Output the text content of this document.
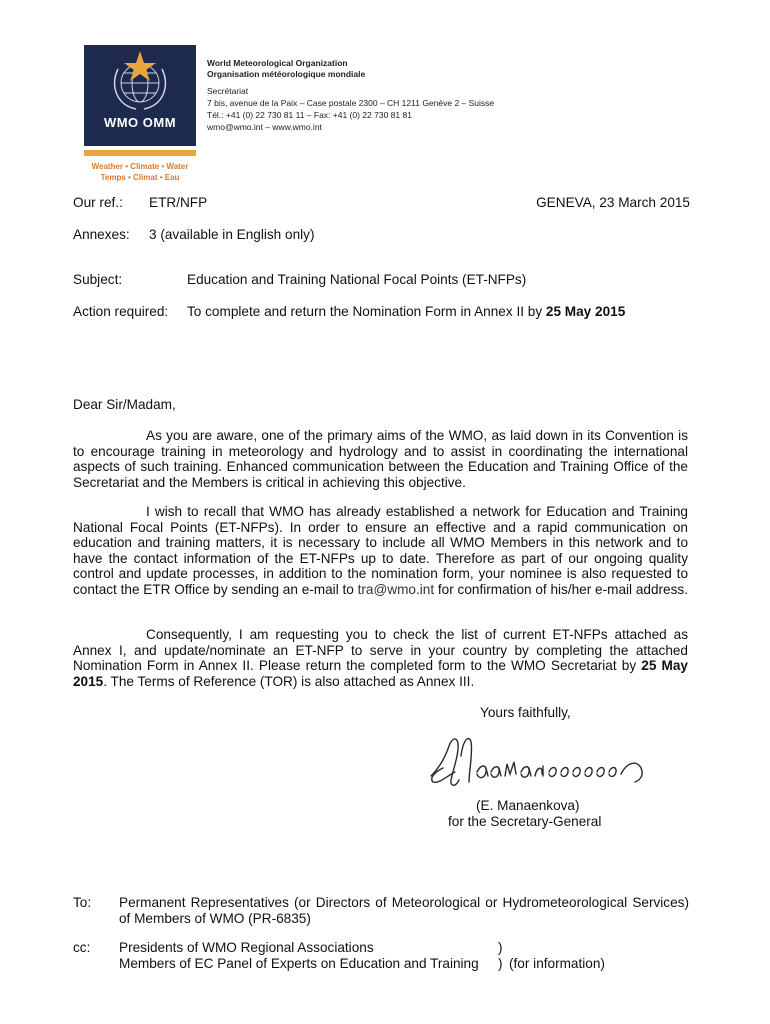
WMO OMM
Weather • Climate • Water
Temps • Climat • Eau
World Meteorological Organization
Organisation météorologique mondiale
Secrétariat
7 bis, avenue de la Paix – Case postale 2300 – CH 1211 Genève 2 – Suisse
Tél.: +41 (0) 22 730 81 11 – Fax: +41 (0) 22 730 81 81
wmo@wmo.int – www.wmo.int
Our ref.: ETR/NFP	GENEVA, 23 March 2015
Annexes: 3 (available in English only)
Subject:	Education and Training National Focal Points (ET-NFPs)
Action required: To complete and return the Nomination Form in Annex II by 25 May 2015
Dear Sir/Madam,
As you are aware, one of the primary aims of the WMO, as laid down in its Convention is to encourage training in meteorology and hydrology and to assist in coordinating the international aspects of such training. Enhanced communication between the Education and Training Office of the Secretariat and the Members is critical in achieving this objective.
I wish to recall that WMO has already established a network for Education and Training National Focal Points (ET-NFPs). In order to ensure an effective and a rapid communication on education and training matters, it is necessary to include all WMO Members in this network and to have the contact information of the ET-NFPs up to date. Therefore as part of our ongoing quality control and update processes, in addition to the nomination form, your nominee is also requested to contact the ETR Office by sending an e-mail to tra@wmo.int for confirmation of his/her e-mail address.
Consequently, I am requesting you to check the list of current ET-NFPs attached as Annex I, and update/nominate an ET-NFP to serve in your country by completing the attached Nomination Form in Annex II. Please return the completed form to the WMO Secretariat by 25 May 2015. The Terms of Reference (TOR) is also attached as Annex III.
Yours faithfully,
(E. Manaenkova)
for the Secretary-General
To: Permanent Representatives (or Directors of Meteorological or Hydrometeorological Services) of Members of WMO (PR-6835)
cc: Presidents of WMO Regional Associations
Members of EC Panel of Experts on Education and Training
)
) (for information)
